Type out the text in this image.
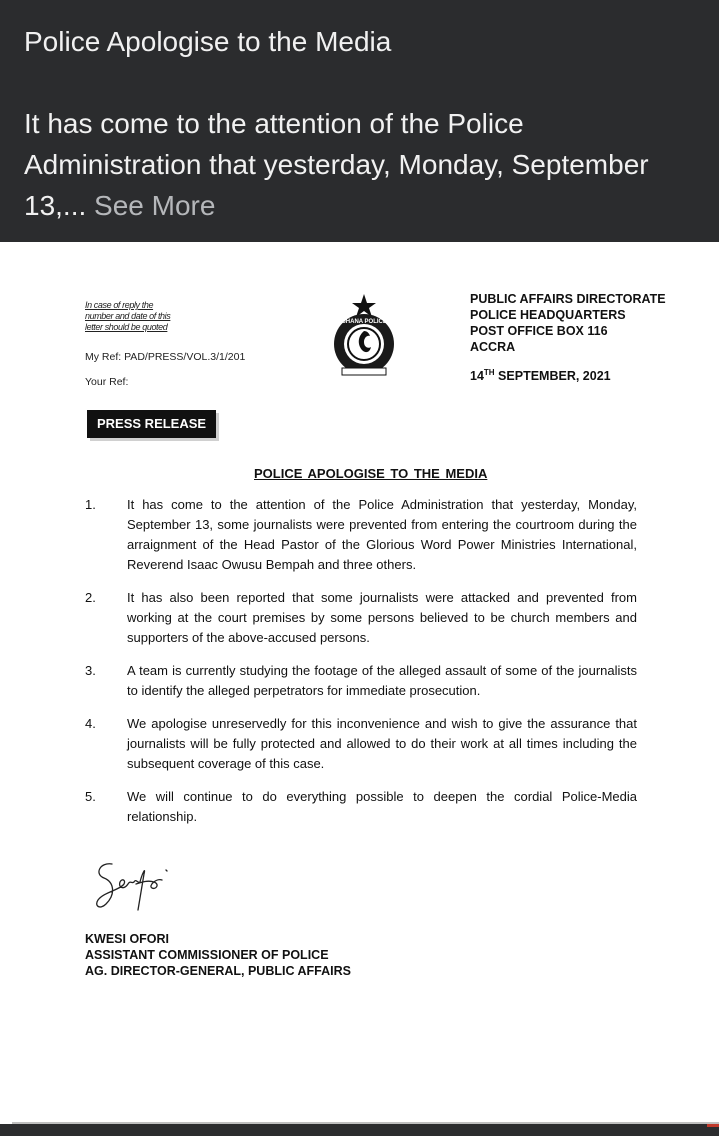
Police Apologise to the Media
It has come to the attention of the Police Administration that yesterday, Monday, September 13,... See More
In case of reply the
number and date of this
letter should be quoted
My Ref: PAD/PRESS/VOL.3/1/201
Your Ref:
GHANA POLICE
PUBLIC AFFAIRS DIRECTORATE
POLICE HEADQUARTERS
POST OFFICE BOX 116
ACCRA
14TH SEPTEMBER, 2021
PRESS RELEASE
POLICE APOLOGISE TO THE MEDIA
1.	It has come to the attention of the Police Administration that yesterday, Monday, September 13, some journalists were prevented from entering the courtroom during the arraignment of the Head Pastor of the Glorious Word Power Ministries International, Reverend Isaac Owusu Bempah and three others.
2.	It has also been reported that some journalists were attacked and prevented from working at the court premises by some persons believed to be church members and supporters of the above-accused persons.
3.	A team is currently studying the footage of the alleged assault of some of the journalists to identify the alleged perpetrators for immediate prosecution.
4.	We apologise unreservedly for this inconvenience and wish to give the assurance that journalists will be fully protected and allowed to do their work at all times including the subsequent coverage of this case.
5.	We will continue to do everything possible to deepen the cordial Police-Media relationship.
KWESI OFORI
ASSISTANT COMMISSIONER OF POLICE
AG. DIRECTOR-GENERAL, PUBLIC AFFAIRS
